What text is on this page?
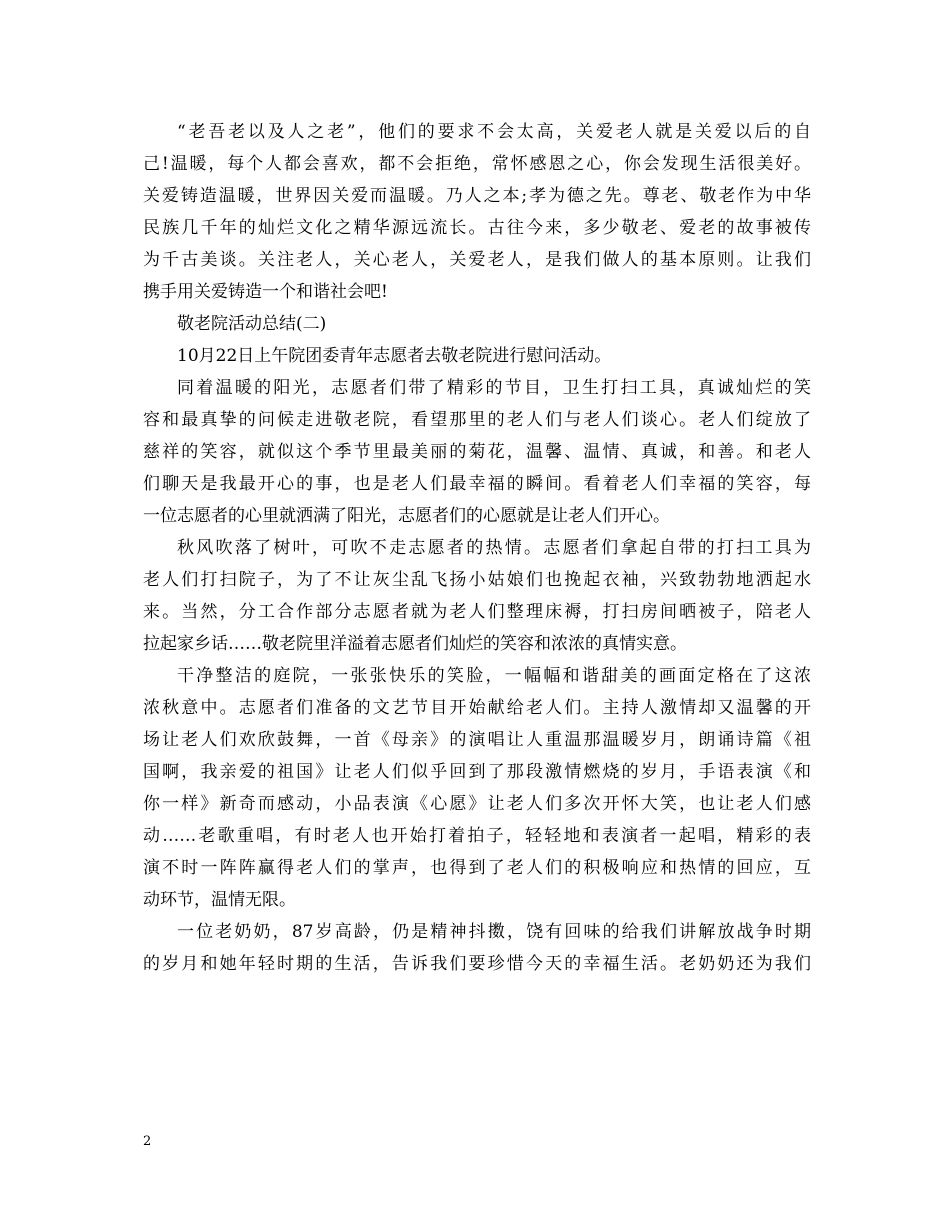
“老吾老以及人之老”，他们的要求不会太高，关爱老人就是关爱以后的自
己!温暖，每个人都会喜欢，都不会拒绝，常怀感恩之心，你会发现生活很美好。
关爱铸造温暖，世界因关爱而温暖。乃人之本;孝为德之先。尊老、敬老作为中华
民族几千年的灿烂文化之精华源远流长。古往今来，多少敬老、爱老的故事被传
为千古美谈。关注老人，关心老人，关爱老人，是我们做人的基本原则。让我们
携手用关爱铸造一个和谐社会吧!
敬老院活动总结(二)
10月22日上午院团委青年志愿者去敬老院进行慰问活动。
同着温暖的阳光，志愿者们带了精彩的节目，卫生打扫工具，真诚灿烂的笑
容和最真挚的问候走进敬老院，看望那里的老人们与老人们谈心。老人们绽放了
慈祥的笑容，就似这个季节里最美丽的菊花，温馨、温情、真诚，和善。和老人
们聊天是我最开心的事，也是老人们最幸福的瞬间。看着老人们幸福的笑容，每
一位志愿者的心里就洒满了阳光，志愿者们的心愿就是让老人们开心。
秋风吹落了树叶，可吹不走志愿者的热情。志愿者们拿起自带的打扫工具为
老人们打扫院子，为了不让灰尘乱飞扬小姑娘们也挽起衣袖，兴致勃勃地洒起水
来。当然，分工合作部分志愿者就为老人们整理床褥，打扫房间晒被子，陪老人
拉起家乡话……敬老院里洋溢着志愿者们灿烂的笑容和浓浓的真情实意。
干净整洁的庭院，一张张快乐的笑脸，一幅幅和谐甜美的画面定格在了这浓
浓秋意中。志愿者们准备的文艺节目开始献给老人们。主持人激情却又温馨的开
场让老人们欢欣鼓舞，一首《母亲》的演唱让人重温那温暖岁月，朗诵诗篇《祖
国啊，我亲爱的祖国》让老人们似乎回到了那段激情燃烧的岁月，手语表演《和
你一样》新奇而感动，小品表演《心愿》让老人们多次开怀大笑，也让老人们感
动……老歌重唱，有时老人也开始打着拍子，轻轻地和表演者一起唱，精彩的表
演不时一阵阵赢得老人们的掌声，也得到了老人们的积极响应和热情的回应，互
动环节，温情无限。
一位老奶奶，87岁高龄，仍是精神抖擞，饶有回味的给我们讲解放战争时期
的岁月和她年轻时期的生活，告诉我们要珍惜今天的幸福生活。老奶奶还为我们
2
